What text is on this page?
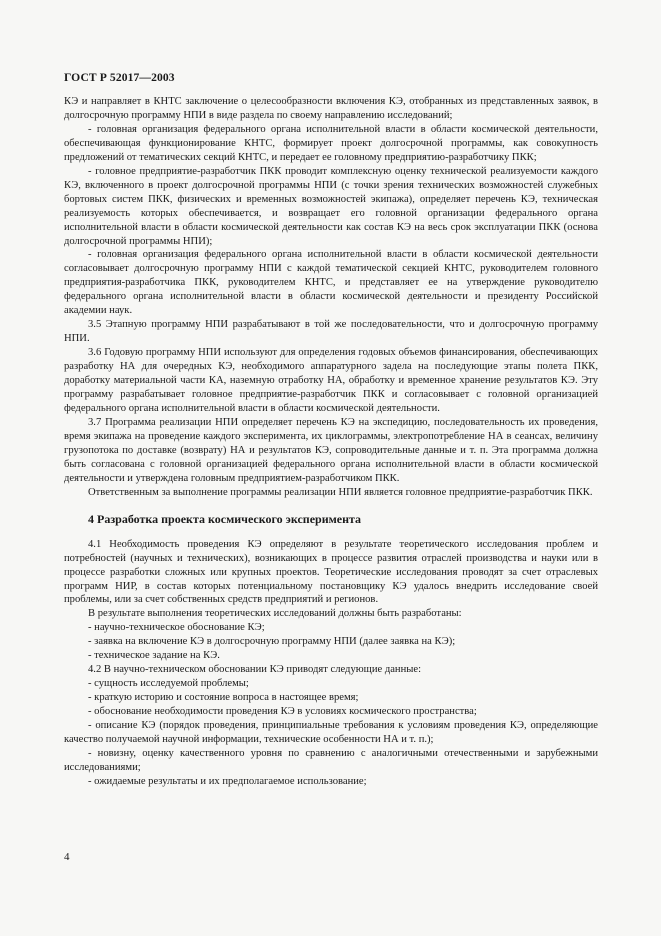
ГОСТ Р 52017—2003

КЭ и направляет в КНТС заключение о целесообразности включения КЭ, отобранных из представленных заявок, в долгосрочную программу НПИ в виде раздела по своему направлению исследований;

- головная организация федерального органа исполнительной власти в области космической деятельности, обеспечивающая функционирование КНТС, формирует проект долгосрочной программы, как совокупность предложений от тематических секций КНТС, и передает ее головному предприятию-разработчику ПКК;

- головное предприятие-разработчик ПКК проводит комплексную оценку технической реализуемости каждого КЭ, включенного в проект долгосрочной программы НПИ (с точки зрения технических возможностей служебных бортовых систем ПКК, физических и временных возможностей экипажа), определяет перечень КЭ, техническая реализуемость которых обеспечивается, и возвращает его головной организации федерального органа исполнительной власти в области космической деятельности как состав КЭ на весь срок эксплуатации ПКК (основа долгосрочной программы НПИ);

- головная организация федерального органа исполнительной власти в области космической деятельности согласовывает долгосрочную программу НПИ с каждой тематической секцией КНТС, руководителем головного предприятия-разработчика ПКК, руководителем КНТС, и представляет ее на утверждение руководителю федерального органа исполнительной власти в области космической деятельности и президенту Российской академии наук.

3.5 Этапную программу НПИ разрабатывают в той же последовательности, что и долгосрочную программу НПИ.

3.6 Годовую программу НПИ используют для определения годовых объемов финансирования, обеспечивающих разработку НА для очередных КЭ, необходимого аппаратурного задела на последующие этапы полета ПКК, доработку материальной части КА, наземную отработку НА, обработку и временное хранение результатов КЭ. Эту программу разрабатывает головное предприятие-разработчик ПКК и согласовывает с головной организацией федерального органа исполнительной власти в области космической деятельности.

3.7 Программа реализации НПИ определяет перечень КЭ на экспедицию, последовательность их проведения, время экипажа на проведение каждого эксперимента, их циклограммы, электропотребление НА в сеансах, величину грузопотока по доставке (возврату) НА и результатов КЭ, сопроводительные данные и т. п. Эта программа должна быть согласована с головной организацией федерального органа исполнительной власти в области космической деятельности и утверждена головным предприятием-разработчиком ПКК.

Ответственным за выполнение программы реализации НПИ является головное предприятие-разработчик ПКК.

4 Разработка проекта космического эксперимента

4.1 Необходимость проведения КЭ определяют в результате теоретического исследования проблем и потребностей (научных и технических), возникающих в процессе развития отраслей производства и науки или в процессе разработки сложных или крупных проектов. Теоретические исследования проводят за счет отраслевых программ НИР, в состав которых потенциальному постановщику КЭ удалось внедрить исследование своей проблемы, или за счет собственных средств предприятий и регионов.

В результате выполнения теоретических исследований должны быть разработаны:

- научно-техническое обоснование КЭ;

- заявка на включение КЭ в долгосрочную программу НПИ (далее заявка на КЭ);

- техническое задание на КЭ.

4.2 В научно-техническом обосновании КЭ приводят следующие данные:

- сущность исследуемой проблемы;

- краткую историю и состояние вопроса в настоящее время;

- обоснование необходимости проведения КЭ в условиях космического пространства;

- описание КЭ (порядок проведения, принципиальные требования к условиям проведения КЭ, определяющие качество получаемой научной информации, технические особенности НА и т. п.);

- новизну, оценку качественного уровня по сравнению с аналогичными отечественными и зарубежными исследованиями;

- ожидаемые результаты и их предполагаемое использование;

4
